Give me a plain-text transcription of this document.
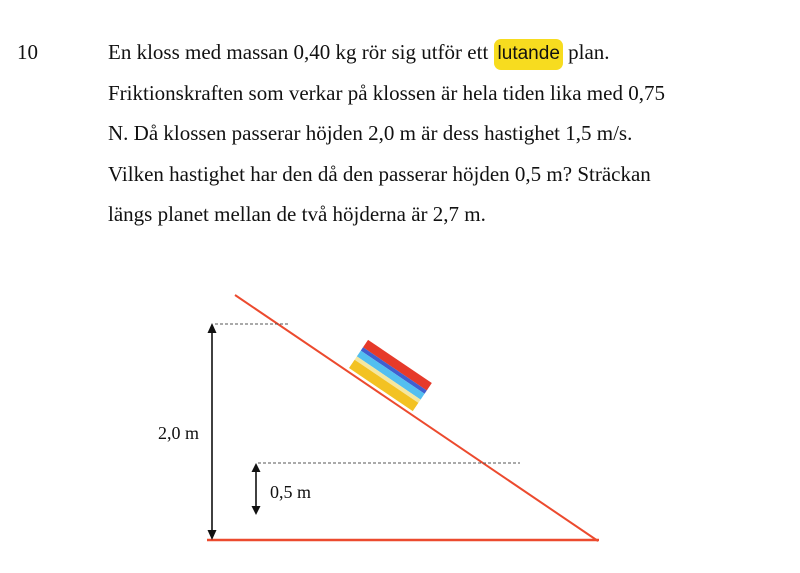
10	En kloss med massan 0,40 kg rör sig utför ett lutande plan.
Friktionskraften som verkar på klossen är hela tiden lika med 0,75
N. Då klossen passerar höjden 2,0 m är dess hastighet 1,5 m/s.
Vilken hastighet har den då den passerar höjden 0,5 m? Sträckan
längs planet mellan de två höjderna är 2,7 m.
2,0 m
0,5 m
